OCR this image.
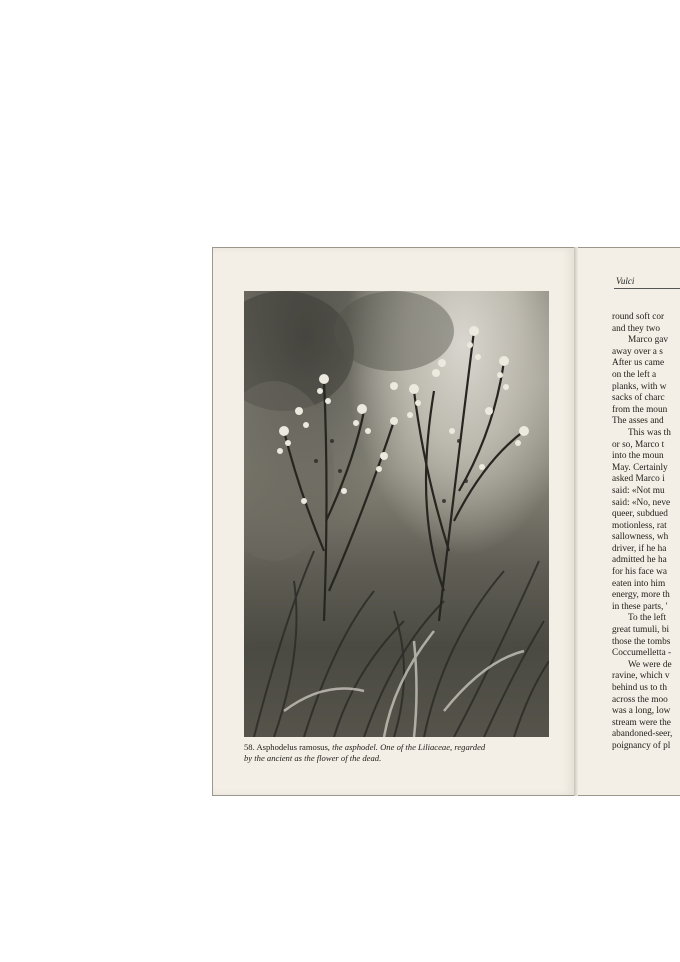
58. Asphodelus ramosus, the asphodel. One of the Liliaceae, regarded
by the ancient as the flower of the dead.

Vulci
round soft cor
and they two
Marco gav
away over a s
After us came
on the left a
planks, with w
sacks of charc
from the moun
The asses and
This was th
or so, Marco t
into the moun
May. Certainly
asked Marco i
said: «Not mu
said: «No, neve
queer, subdued
motionless, rat
sallowness, wh
driver, if he ha
admitted he ha
for his face wa
eaten into him
energy, more th
in these parts, '
To the left
great tumuli, bi
those the tombs
Coccumelletta -
We were de
ravine, which v
behind us to th
across the moo
was a long, low
stream were the
abandoned-seer,
poignancy of pl
